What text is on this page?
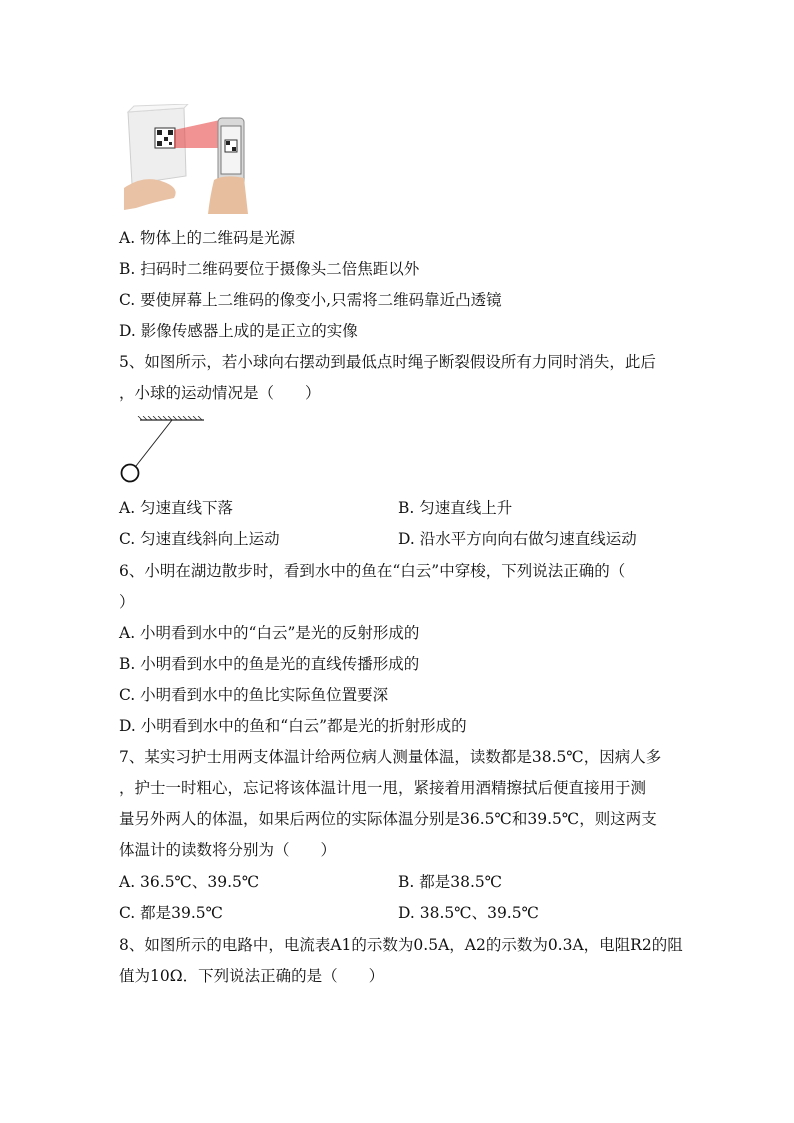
A. 物体上的二维码是光源
B. 扫码时二维码要位于摄像头二倍焦距以外
C. 要使屏幕上二维码的像变小,只需将二维码靠近凸透镜
D. 影像传感器上成的是正立的实像
5、如图所示，若小球向右摆动到最低点时绳子断裂假设所有力同时消失，此后
，小球的运动情况是（　　）
A. 匀速直线下落	B. 匀速直线上升
C. 匀速直线斜向上运动	D. 沿水平方向向右做匀速直线运动
6、小明在湖边散步时，看到水中的鱼在“白云”中穿梭，下列说法正确的（
）
A. 小明看到水中的“白云”是光的反射形成的
B. 小明看到水中的鱼是光的直线传播形成的
C. 小明看到水中的鱼比实际鱼位置要深
D. 小明看到水中的鱼和“白云”都是光的折射形成的
7、某实习护士用两支体温计给两位病人测量体温，读数都是38.5℃，因病人多
，护士一时粗心，忘记将该体温计甩一甩，紧接着用酒精擦拭后便直接用于测
量另外两人的体温，如果后两位的实际体温分别是36.5℃和39.5℃，则这两支
体温计的读数将分别为（　　）
A. 36.5℃、39.5℃	B. 都是38.5℃
C. 都是39.5℃	D. 38.5℃、39.5℃
8、如图所示的电路中，电流表A1的示数为0.5A，A2的示数为0.3A，电阻R2的阻
值为10Ω．下列说法正确的是（　　）
